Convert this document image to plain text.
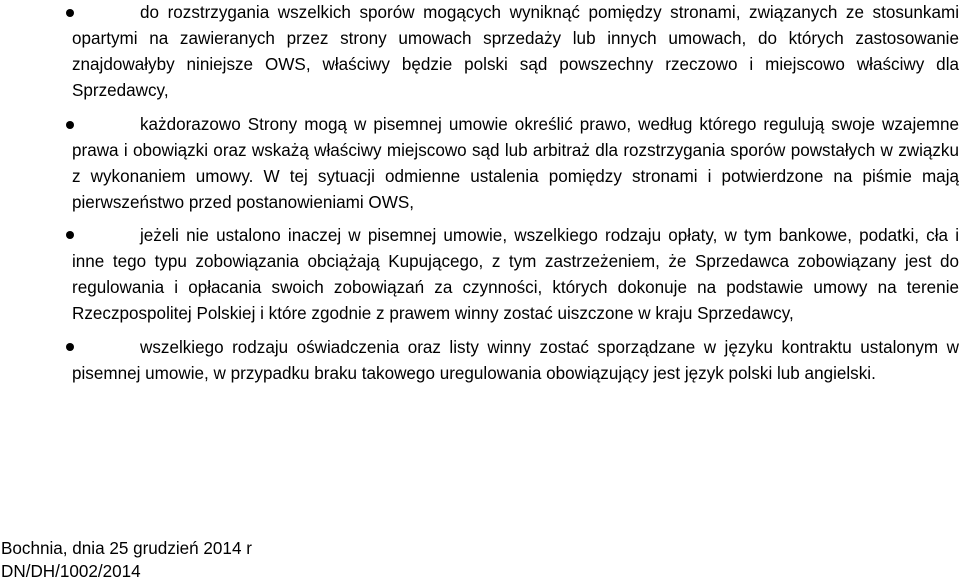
do rozstrzygania wszelkich sporów mogących wyniknąć pomiędzy stronami, związanych ze stosunkami opartymi na zawieranych przez strony umowach sprzedaży lub innych umowach, do których zastosowanie znajdowałyby niniejsze OWS, właściwy będzie polski sąd powszechny rzeczowo i miejscowo właściwy dla Sprzedawcy,

każdorazowo Strony mogą w pisemnej umowie określić prawo, według którego regulują swoje wzajemne prawa i obowiązki oraz wskażą właściwy miejscowo sąd lub arbitraż dla rozstrzygania sporów powstałych w związku z wykonaniem umowy. W tej sytuacji odmienne ustalenia pomiędzy stronami i potwierdzone na piśmie mają pierwszeństwo przed postanowieniami OWS,

jeżeli nie ustalono inaczej w pisemnej umowie, wszelkiego rodzaju opłaty, w tym bankowe, podatki, cła i inne tego typu zobowiązania obciążają Kupującego, z tym zastrzeżeniem, że Sprzedawca zobowiązany jest do regulowania i opłacania swoich zobowiązań za czynności, których dokonuje na podstawie umowy na terenie Rzeczpospolitej Polskiej i które zgodnie z prawem winny zostać uiszczone w kraju Sprzedawcy,

wszelkiego rodzaju oświadczenia oraz listy winny zostać sporządzane w języku kontraktu ustalonym w pisemnej umowie, w przypadku braku takowego uregulowania obowiązujący jest język polski lub angielski.

Bochnia, dnia 25 grudzień 2014 r
DN/DH/1002/2014
